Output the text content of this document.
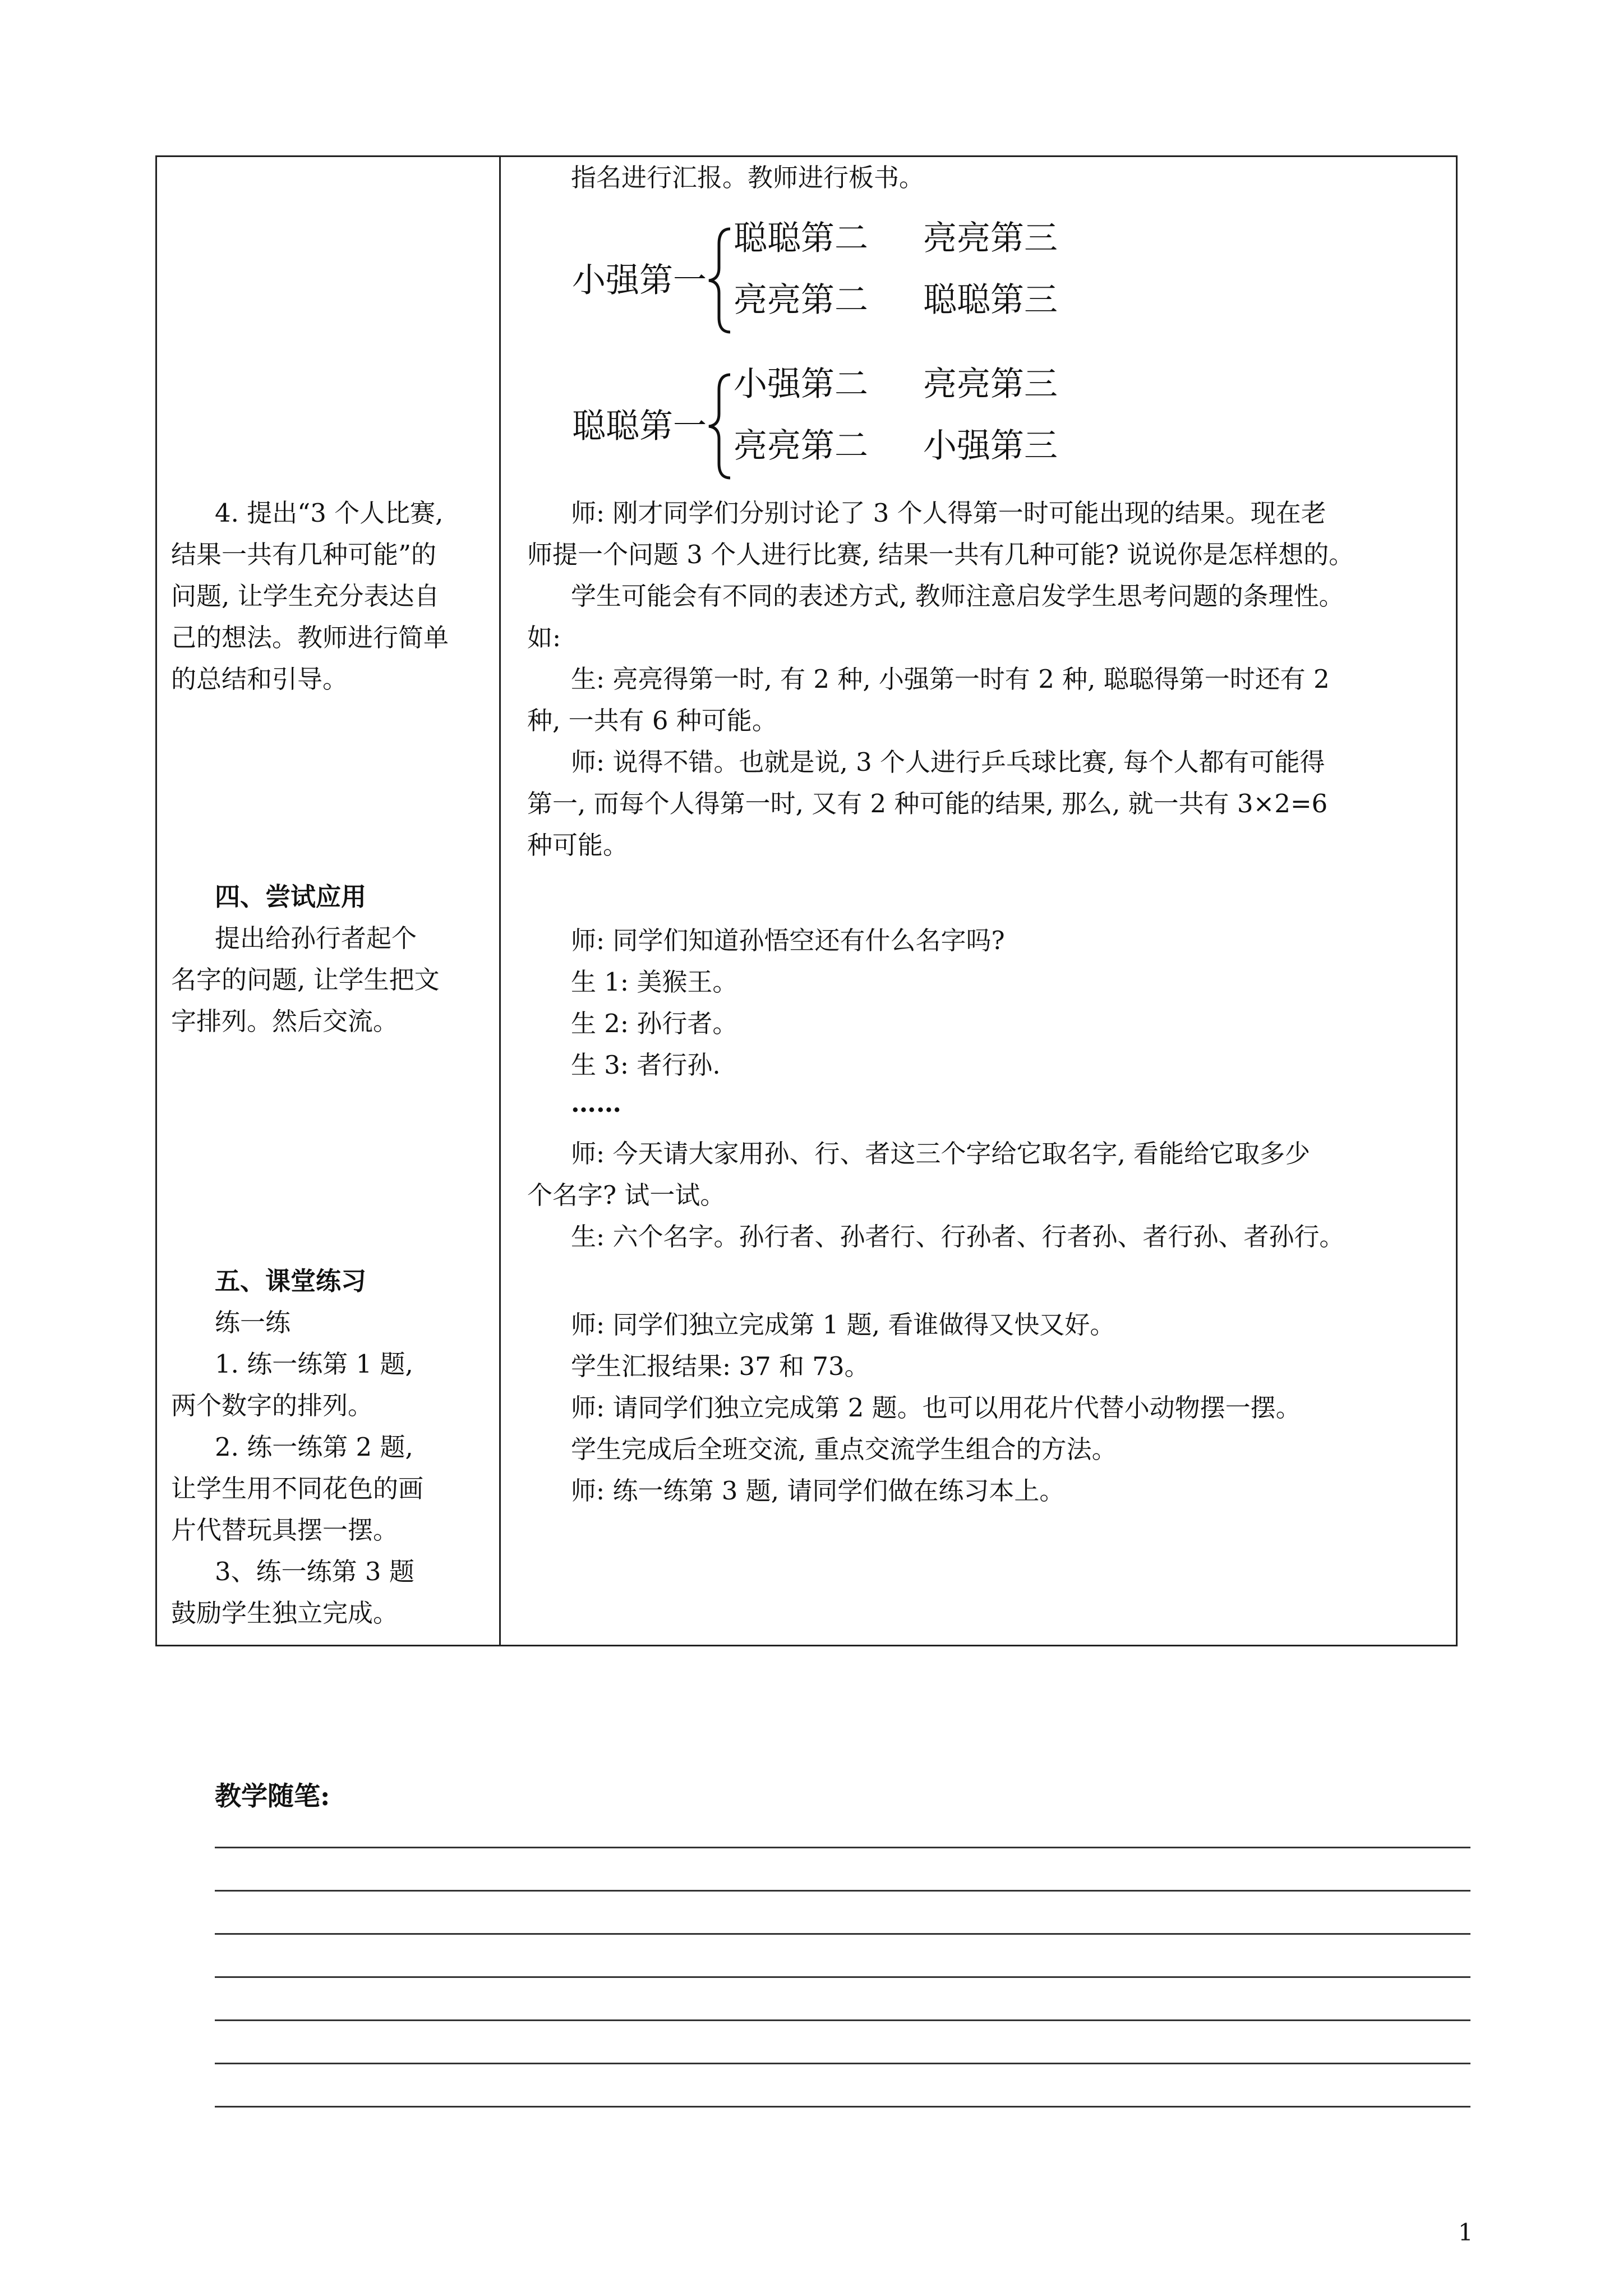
4. 提出“3 个人比赛,
结果一共有几种可能”的
问题, 让学生充分表达自
己的想法。教师进行简单
的总结和引导。
四、尝试应用
提出给孙行者起个
名字的问题, 让学生把文
字排列。然后交流。
五、课堂练习
练一练
1. 练一练第 1 题,
两个数字的排列。
2. 练一练第 2 题,
让学生用不同花色的画
片代替玩具摆一摆。
3、练一练第 3 题
鼓励学生独立完成。
指名进行汇报。教师进行板书。
小强第一
聪聪第二 亮亮第三
亮亮第二 聪聪第三
聪聪第一
小强第二 亮亮第三
亮亮第二 小强第三
师: 刚才同学们分别讨论了 3 个人得第一时可能出现的结果。现在老
师提一个问题 3 个人进行比赛, 结果一共有几种可能? 说说你是怎样想的。
学生可能会有不同的表述方式, 教师注意启发学生思考问题的条理性。
如:
生: 亮亮得第一时, 有 2 种, 小强第一时有 2 种, 聪聪得第一时还有 2
种, 一共有 6 种可能。
师: 说得不错。也就是说, 3 个人进行乒乓球比赛, 每个人都有可能得
第一, 而每个人得第一时, 又有 2 种可能的结果, 那么, 就一共有 3×2=6
种可能。
师: 同学们知道孙悟空还有什么名字吗?
生 1: 美猴王。
生 2: 孙行者。
生 3: 者行孙.
……
师: 今天请大家用孙、行、者这三个字给它取名字, 看能给它取多少
个名字? 试一试。
生: 六个名字。孙行者、孙者行、行孙者、行者孙、者行孙、者孙行。
师: 同学们独立完成第 1 题, 看谁做得又快又好。
学生汇报结果: 37 和 73。
师: 请同学们独立完成第 2 题。也可以用花片代替小动物摆一摆。
学生完成后全班交流, 重点交流学生组合的方法。
师: 练一练第 3 题, 请同学们做在练习本上。
教学随笔:
1
